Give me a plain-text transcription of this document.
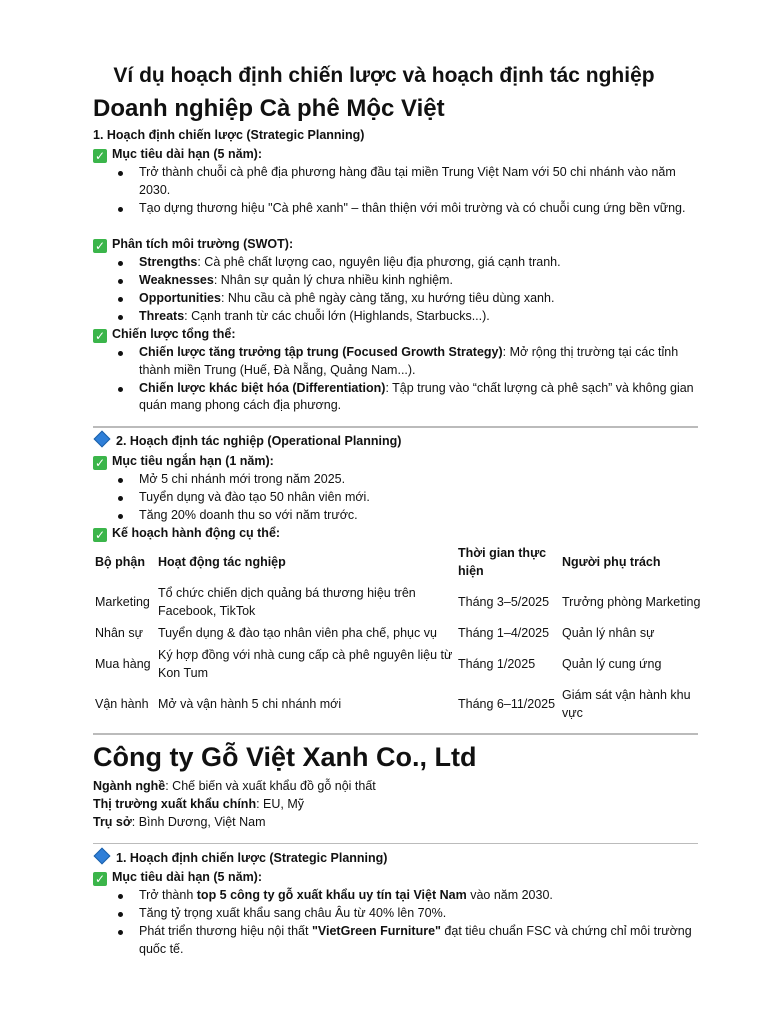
Ví dụ hoạch định chiến lược và hoạch định tác nghiệp
Doanh nghiệp Cà phê Mộc Việt
1. Hoạch định chiến lược (Strategic Planning)
✓ Mục tiêu dài hạn (5 năm):
Trở thành chuỗi cà phê địa phương hàng đầu tại miền Trung Việt Nam với 50 chi nhánh vào năm 2030.
Tạo dựng thương hiệu "Cà phê xanh" – thân thiện với môi trường và có chuỗi cung ứng bền vững.
✓ Phân tích môi trường (SWOT):
Strengths: Cà phê chất lượng cao, nguyên liệu địa phương, giá cạnh tranh.
Weaknesses: Nhân sự quản lý chưa nhiều kinh nghiệm.
Opportunities: Nhu cầu cà phê ngày càng tăng, xu hướng tiêu dùng xanh.
Threats: Cạnh tranh từ các chuỗi lớn (Highlands, Starbucks...).
✓ Chiến lược tổng thể:
Chiến lược tăng trưởng tập trung (Focused Growth Strategy): Mở rộng thị trường tại các tỉnh thành miền Trung (Huế, Đà Nẵng, Quảng Nam...).
Chiến lược khác biệt hóa (Differentiation): Tập trung vào “chất lượng cà phê sạch” và không gian quán mang phong cách địa phương.
2. Hoạch định tác nghiệp (Operational Planning)
✓ Mục tiêu ngắn hạn (1 năm):
Mở 5 chi nhánh mới trong năm 2025.
Tuyển dụng và đào tạo 50 nhân viên mới.
Tăng 20% doanh thu so với năm trước.
✓ Kế hoạch hành động cụ thể:
Bộ phận	Hoạt động tác nghiệp	Thời gian thực hiện	Người phụ trách
Marketing	Tổ chức chiến dịch quảng bá thương hiệu trên Facebook, TikTok	Tháng 3–5/2025	Trưởng phòng Marketing
Nhân sự	Tuyển dụng & đào tạo nhân viên pha chế, phục vụ	Tháng 1–4/2025	Quản lý nhân sự
Mua hàng	Ký hợp đồng với nhà cung cấp cà phê nguyên liệu từ Kon Tum	Tháng 1/2025	Quản lý cung ứng
Vận hành	Mở và vận hành 5 chi nhánh mới	Tháng 6–11/2025	Giám sát vận hành khu vực
Công ty Gỗ Việt Xanh Co., Ltd
Ngành nghề: Chế biến và xuất khẩu đồ gỗ nội thất
Thị trường xuất khẩu chính: EU, Mỹ
Trụ sở: Bình Dương, Việt Nam
1. Hoạch định chiến lược (Strategic Planning)
✓ Mục tiêu dài hạn (5 năm):
Trở thành top 5 công ty gỗ xuất khẩu uy tín tại Việt Nam vào năm 2030.
Tăng tỷ trọng xuất khẩu sang châu Âu từ 40% lên 70%.
Phát triển thương hiệu nội thất "VietGreen Furniture" đạt tiêu chuẩn FSC và chứng chỉ môi trường quốc tế.
